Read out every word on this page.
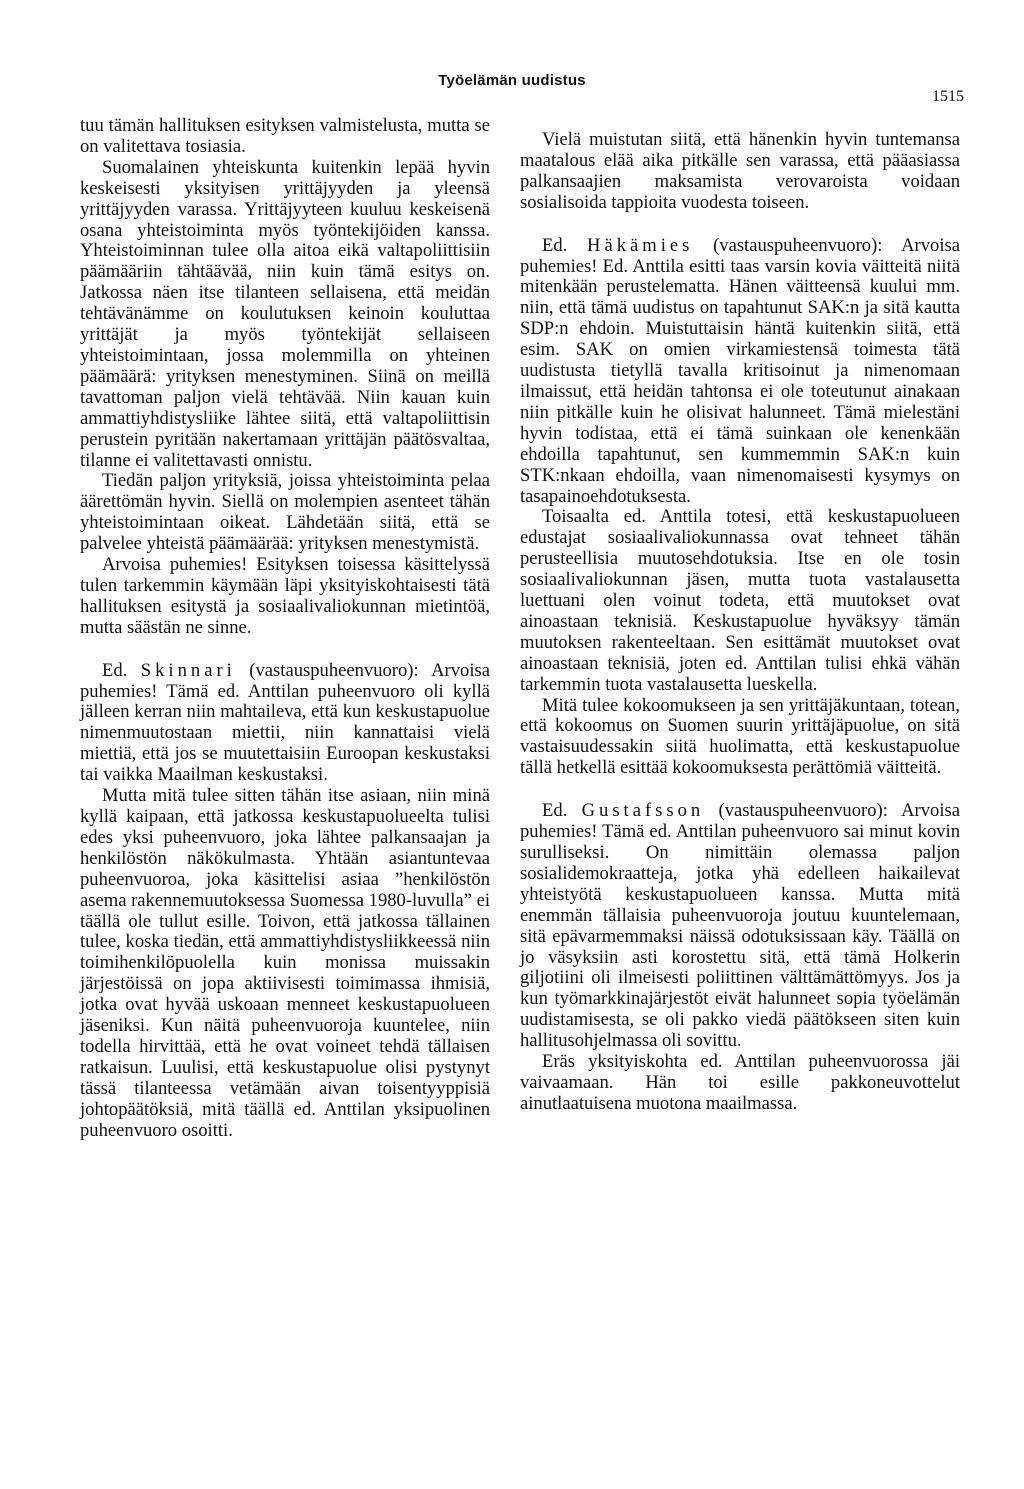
Työelämän uudistus
1515

tuu tämän hallituksen esityksen valmistelusta, mutta se on valitettava tosiasia.

Suomalainen yhteiskunta kuitenkin lepää hyvin keskeisesti yksityisen yrittäjyyden ja yleensä yrittäjyyden varassa. Yrittäjyyteen kuuluu keskeisenä osana yhteistoiminta myös työntekijöiden kanssa. Yhteistoiminnan tulee olla aitoa eikä valtapoliittisiin päämääriin tähtäävää, niin kuin tämä esitys on. Jatkossa näen itse tilanteen sellaisena, että meidän tehtävänämme on koulutuksen keinoin kouluttaa yrittäjät ja myös työntekijät sellaiseen yhteistoimintaan, jossa molemmilla on yhteinen päämäärä: yrityksen menestyminen. Siinä on meillä tavattoman paljon vielä tehtävää. Niin kauan kuin ammattiyhdistysliike lähtee siitä, että valtapoliittisin perustein pyritään nakertamaan yrittäjän päätösvaltaa, tilanne ei valitettavasti onnistu.

Tiedän paljon yrityksiä, joissa yhteistoiminta pelaa äärettömän hyvin. Siellä on molempien asenteet tähän yhteistoimintaan oikeat. Lähdetään siitä, että se palvelee yhteistä päämäärää: yrityksen menestymistä.

Arvoisa puhemies! Esityksen toisessa käsittelyssä tulen tarkemmin käymään läpi yksityiskohtaisesti tätä hallituksen esitystä ja sosiaalivaliokunnan mietintöä, mutta säästän ne sinne.

Ed. Skinnari (vastauspuheenvuoro): Arvoisa puhemies! Tämä ed. Anttilan puheenvuoro oli kyllä jälleen kerran niin mahtaileva, että kun keskustapuolue nimenmuutostaan miettii, niin kannattaisi vielä miettiä, että jos se muutettaisiin Euroopan keskustaksi tai vaikka Maailman keskustaksi.

Mutta mitä tulee sitten tähän itse asiaan, niin minä kyllä kaipaan, että jatkossa keskustapuolueelta tulisi edes yksi puheenvuoro, joka lähtee palkansaajan ja henkilöstön näkökulmasta. Yhtään asiantuntevaa puheenvuoroa, joka käsittelisi asiaa ”henkilöstön asema rakennemuutoksessa Suomessa 1980-luvulla” ei täällä ole tullut esille. Toivon, että jatkossa tällainen tulee, koska tiedän, että ammattiyhdistysliikkeessä niin toimihenkilöpuolella kuin monissa muissakin järjestöissä on jopa aktiivisesti toimimassa ihmisiä, jotka ovat hyvää uskoaan menneet keskustapuolueen jäseniksi. Kun näitä puheenvuoroja kuuntelee, niin todella hirvittää, että he ovat voineet tehdä tällaisen ratkaisun. Luulisi, että keskustapuolue olisi pystynyt tässä tilanteessa vetämään aivan toisentyyppisiä johtopäätöksiä, mitä täällä ed. Anttilan yksipuolinen puheenvuoro osoitti.

Vielä muistutan siitä, että hänenkin hyvin tuntemansa maatalous elää aika pitkälle sen varassa, että pääasiassa palkansaajien maksamista verovaroista voidaan sosialisoida tappioita vuodesta toiseen.

Ed. Häkämies (vastauspuheenvuoro): Arvoisa puhemies! Ed. Anttila esitti taas varsin kovia väitteitä niitä mitenkään perustelematta. Hänen väitteensä kuului mm. niin, että tämä uudistus on tapahtunut SAK:n ja sitä kautta SDP:n ehdoin. Muistuttaisin häntä kuitenkin siitä, että esim. SAK on omien virkamiestensä toimesta tätä uudistusta tietyllä tavalla kritisoinut ja nimenomaan ilmaissut, että heidän tahtonsa ei ole toteutunut ainakaan niin pitkälle kuin he olisivat halunneet. Tämä mielestäni hyvin todistaa, että ei tämä suinkaan ole kenenkään ehdoilla tapahtunut, sen kummemmin SAK:n kuin STK:nkaan ehdoilla, vaan nimenomaisesti kysymys on tasapainoehdotuksesta.

Toisaalta ed. Anttila totesi, että keskustapuolueen edustajat sosiaalivaliokunnassa ovat tehneet tähän perusteellisia muutosehdotuksia. Itse en ole tosin sosiaalivaliokunnan jäsen, mutta tuota vastalausetta luettuani olen voinut todeta, että muutokset ovat ainoastaan teknisiä. Keskustapuolue hyväksyy tämän muutoksen rakenteeltaan. Sen esittämät muutokset ovat ainoastaan teknisiä, joten ed. Anttilan tulisi ehkä vähän tarkemmin tuota vastalausetta lueskella.

Mitä tulee kokoomukseen ja sen yrittäjäkuntaan, totean, että kokoomus on Suomen suurin yrittäjäpuolue, on sitä vastaisuudessakin siitä huolimatta, että keskustapuolue tällä hetkellä esittää kokoomuksesta perättömiä väitteitä.

Ed. Gustafsson (vastauspuheenvuoro): Arvoisa puhemies! Tämä ed. Anttilan puheenvuoro sai minut kovin surulliseksi. On nimittäin olemassa paljon sosialidemokraatteja, jotka yhä edelleen haikailevat yhteistyötä keskustapuolueen kanssa. Mutta mitä enemmän tällaisia puheenvuoroja joutuu kuuntelemaan, sitä epävarmemmaksi näissä odotuksissaan käy. Täällä on jo väsyksiin asti korostettu sitä, että tämä Holkerin giljotiini oli ilmeisesti poliittinen välttämättömyys. Jos ja kun työmarkkinajärjestöt eivät halunneet sopia työelämän uudistamisesta, se oli pakko viedä päätökseen siten kuin hallitusohjelmassa oli sovittu.

Eräs yksityiskohta ed. Anttilan puheenvuorossa jäi vaivaamaan. Hän toi esille pakkoneuvottelut ainutlaatuisena muotona maailmassa.
